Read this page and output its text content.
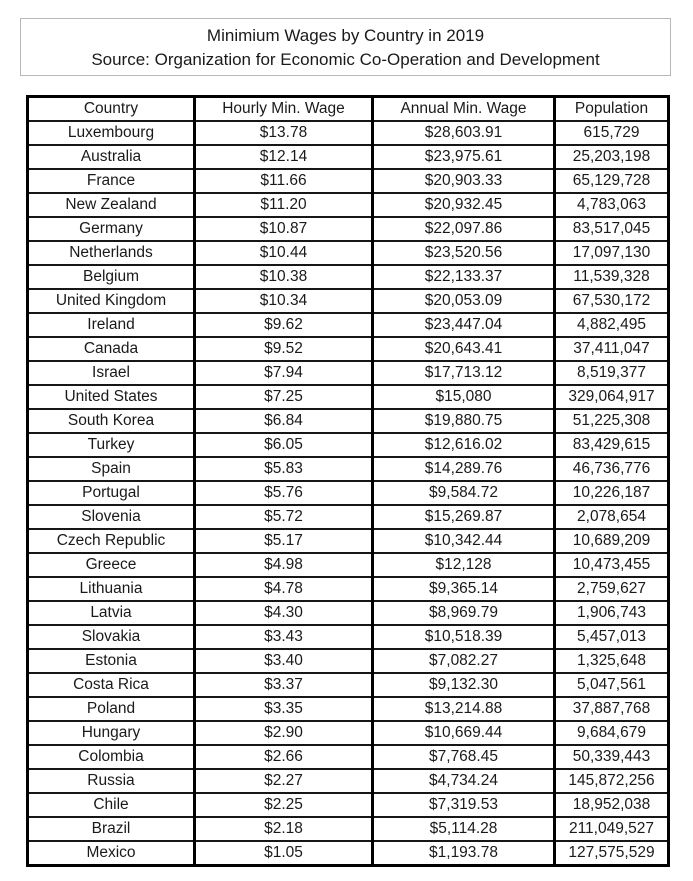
Minimium Wages by Country in 2019
Source: Organization for Economic Co-Operation and Development
Country	Hourly Min. Wage	Annual Min. Wage	Population
Luxembourg	$13.78	$28,603.91	615,729
Australia	$12.14	$23,975.61	25,203,198
France	$11.66	$20,903.33	65,129,728
New Zealand	$11.20	$20,932.45	4,783,063
Germany	$10.87	$22,097.86	83,517,045
Netherlands	$10.44	$23,520.56	17,097,130
Belgium	$10.38	$22,133.37	11,539,328
United Kingdom	$10.34	$20,053.09	67,530,172
Ireland	$9.62	$23,447.04	4,882,495
Canada	$9.52	$20,643.41	37,411,047
Israel	$7.94	$17,713.12	8,519,377
United States	$7.25	$15,080	329,064,917
South Korea	$6.84	$19,880.75	51,225,308
Turkey	$6.05	$12,616.02	83,429,615
Spain	$5.83	$14,289.76	46,736,776
Portugal	$5.76	$9,584.72	10,226,187
Slovenia	$5.72	$15,269.87	2,078,654
Czech Republic	$5.17	$10,342.44	10,689,209
Greece	$4.98	$12,128	10,473,455
Lithuania	$4.78	$9,365.14	2,759,627
Latvia	$4.30	$8,969.79	1,906,743
Slovakia	$3.43	$10,518.39	5,457,013
Estonia	$3.40	$7,082.27	1,325,648
Costa Rica	$3.37	$9,132.30	5,047,561
Poland	$3.35	$13,214.88	37,887,768
Hungary	$2.90	$10,669.44	9,684,679
Colombia	$2.66	$7,768.45	50,339,443
Russia	$2.27	$4,734.24	145,872,256
Chile	$2.25	$7,319.53	18,952,038
Brazil	$2.18	$5,114.28	211,049,527
Mexico	$1.05	$1,193.78	127,575,529
